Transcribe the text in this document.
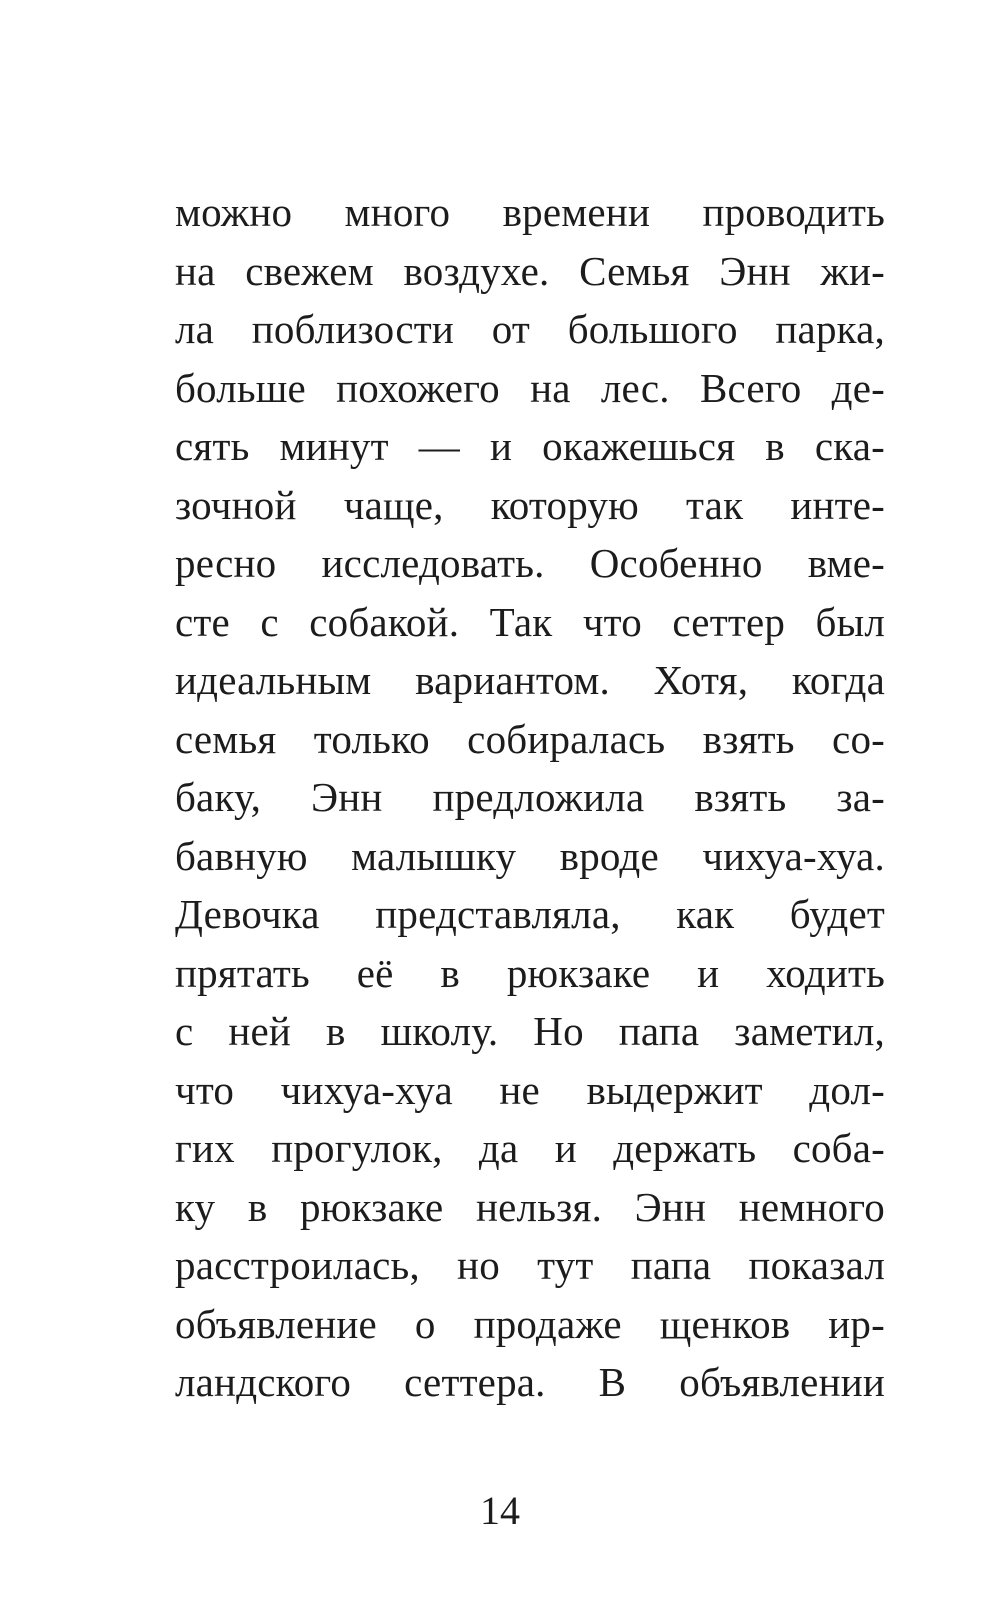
можно много времени проводить
на свежем воздухе. Семья Энн жи-
ла поблизости от большого парка,
больше похожего на лес. Всего де-
сять минут — и окажешься в ска-
зочной чаще, которую так инте-
ресно исследовать. Особенно вме-
сте с собакой. Так что сеттер был
идеальным вариантом. Хотя, когда
семья только собиралась взять со-
баку, Энн предложила взять за-
бавную малышку вроде чихуа-хуа.
Девочка представляла, как будет
прятать её в рюкзаке и ходить
с ней в школу. Но папа заметил,
что чихуа-хуа не выдержит дол-
гих прогулок, да и держать соба-
ку в рюкзаке нельзя. Энн немного
расстроилась, но тут папа показал
объявление о продаже щенков ир-
ландского сеттера. В объявлении
14
